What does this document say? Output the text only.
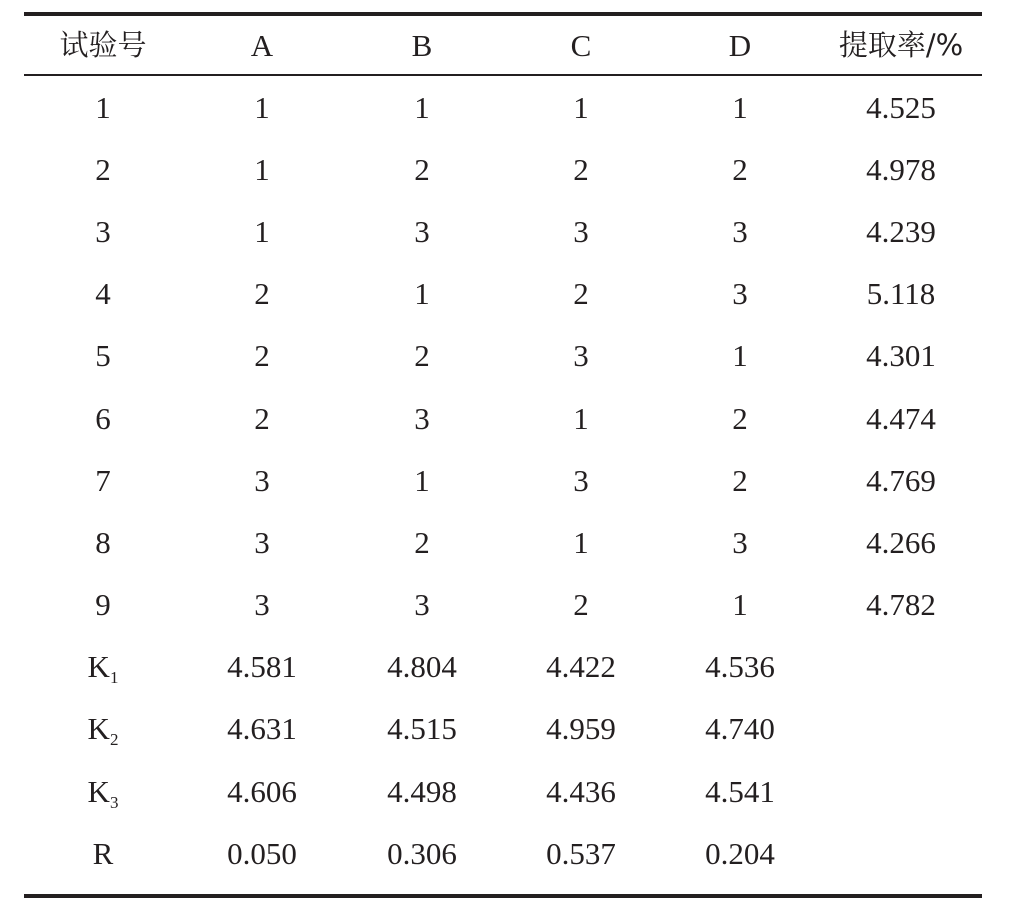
试验号	A	B	C	D	提取率/%
1	1	1	1	1	4.525
2	1	2	2	2	4.978
3	1	3	3	3	4.239
4	2	1	2	3	5.118
5	2	2	3	1	4.301
6	2	3	1	2	4.474
7	3	1	3	2	4.769
8	3	2	1	3	4.266
9	3	3	2	1	4.782
$K_1$	4.581	4.804	4.422	4.536	
$K_2$	4.631	4.515	4.959	4.740	
$K_3$	4.606	4.498	4.436	4.541	
R	0.050	0.306	0.537	0.204	
